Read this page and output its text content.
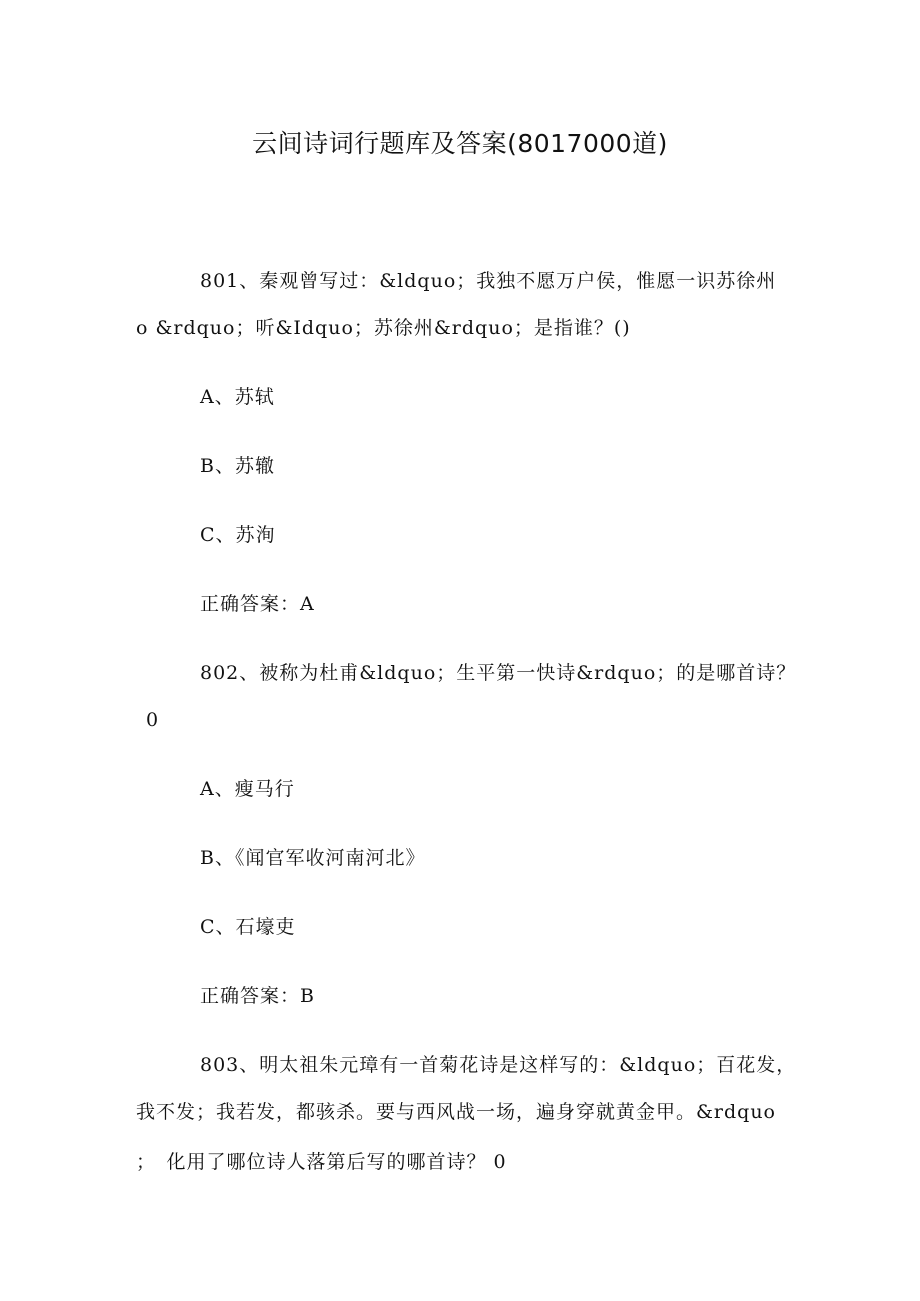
云间诗词行题库及答案(8017000道)
801、秦观曾写过：&ldquo；我独不愿万户侯，惟愿一识苏徐州
o &rdquo；听&Idquo；苏徐州&rdquo；是指谁？()
A、苏轼
B、苏辙
C、苏洵
正确答案：A
802、被称为杜甫&ldquo；生平第一快诗&rdquo；的是哪首诗？
0
A、瘦马行
B、《闻官军收河南河北》
C、石壕吏
正确答案：B
803、明太祖朱元璋有一首菊花诗是这样写的：&ldquo；百花发，
我不发；我若发，都骇杀。要与西风战一场，遍身穿就黄金甲。&rdquo
；　化用了哪位诗人落第后写的哪首诗？ 0
